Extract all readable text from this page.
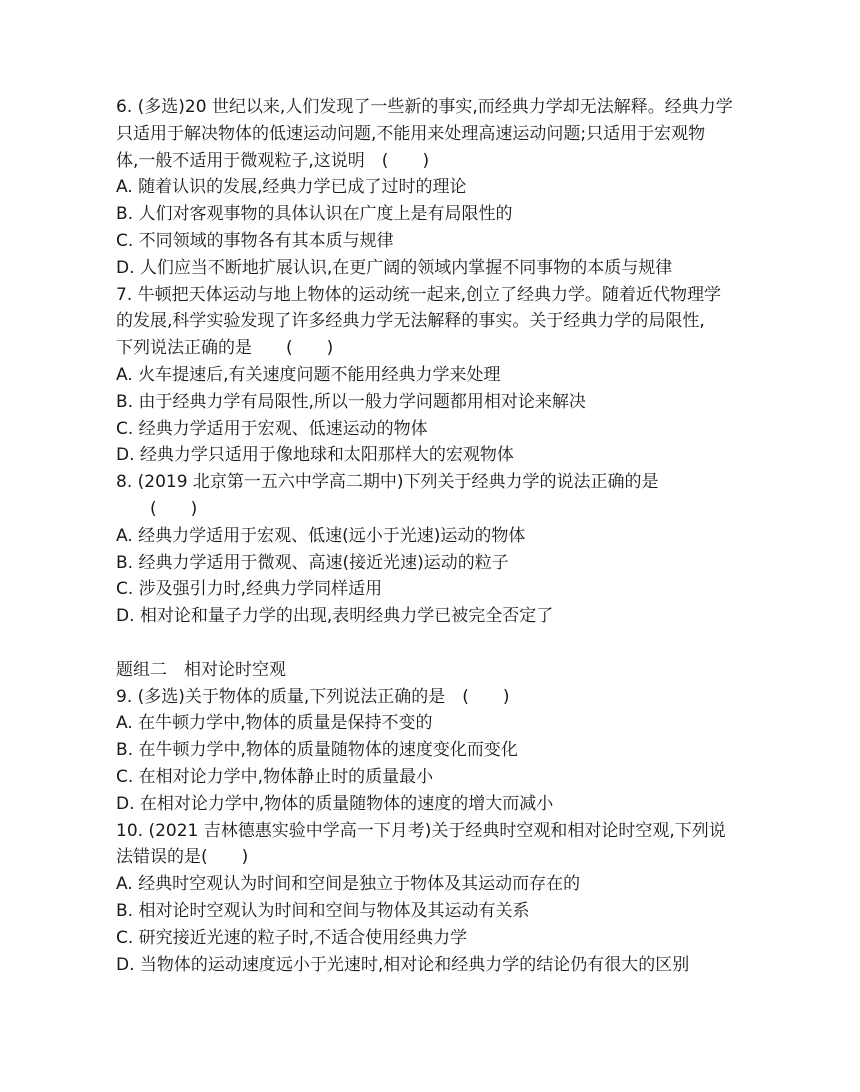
6. (多选)20 世纪以来,人们发现了一些新的事实,而经典力学却无法解释。经典力学
只适用于解决物体的低速运动问题,不能用来处理高速运动问题;只适用于宏观物
体,一般不适用于微观粒子,这说明　(　　)
A. 随着认识的发展,经典力学已成了过时的理论
B. 人们对客观事物的具体认识在广度上是有局限性的
C. 不同领域的事物各有其本质与规律
D. 人们应当不断地扩展认识,在更广阔的领域内掌握不同事物的本质与规律
7. 牛顿把天体运动与地上物体的运动统一起来,创立了经典力学。随着近代物理学
的发展,科学实验发现了许多经典力学无法解释的事实。关于经典力学的局限性,
下列说法正确的是　　(　　)
A. 火车提速后,有关速度问题不能用经典力学来处理
B. 由于经典力学有局限性,所以一般力学问题都用相对论来解决
C. 经典力学适用于宏观、低速运动的物体
D. 经典力学只适用于像地球和太阳那样大的宏观物体
8. (2019 北京第一五六中学高二期中)下列关于经典力学的说法正确的是
　　(　　)
A. 经典力学适用于宏观、低速(远小于光速)运动的物体
B. 经典力学适用于微观、高速(接近光速)运动的粒子
C. 涉及强引力时,经典力学同样适用
D. 相对论和量子力学的出现,表明经典力学已被完全否定了
题组二　相对论时空观
9. (多选)关于物体的质量,下列说法正确的是　(　　)
A. 在牛顿力学中,物体的质量是保持不变的
B. 在牛顿力学中,物体的质量随物体的速度变化而变化
C. 在相对论力学中,物体静止时的质量最小
D. 在相对论力学中,物体的质量随物体的速度的增大而减小
10. (2021 吉林德惠实验中学高一下月考)关于经典时空观和相对论时空观,下列说
法错误的是(　　)
A. 经典时空观认为时间和空间是独立于物体及其运动而存在的
B. 相对论时空观认为时间和空间与物体及其运动有关系
C. 研究接近光速的粒子时,不适合使用经典力学
D. 当物体的运动速度远小于光速时,相对论和经典力学的结论仍有很大的区别
